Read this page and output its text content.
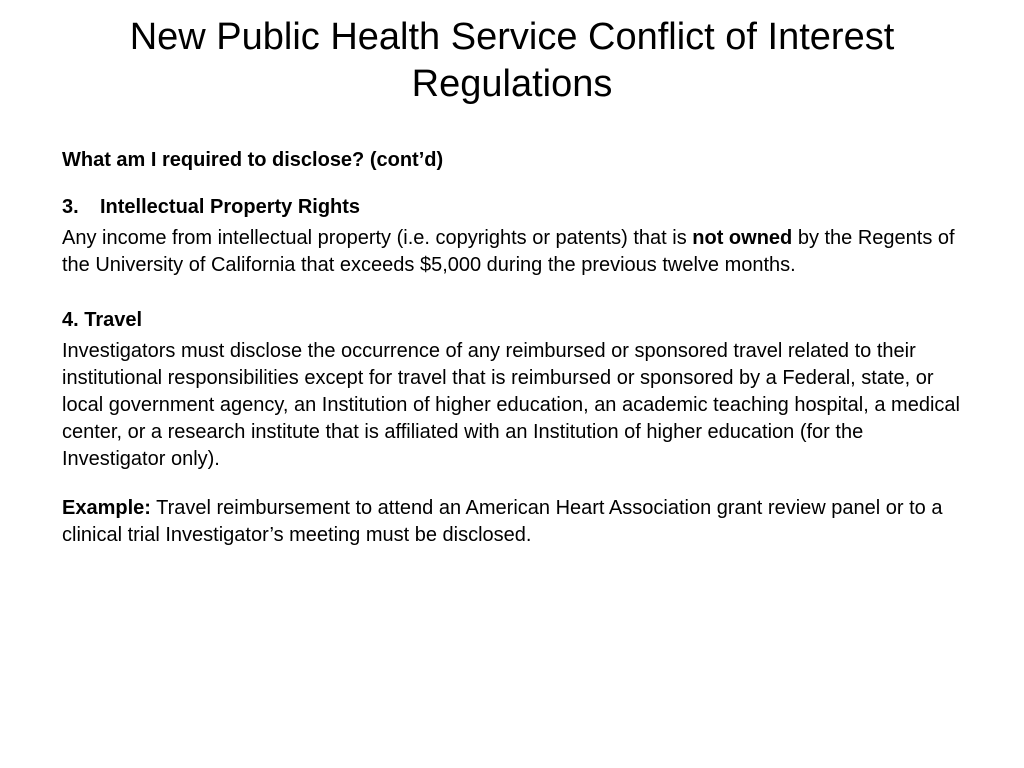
New Public Health Service Conflict of Interest Regulations

What am I required to disclose? (cont’d)

3. Intellectual Property Rights

Any income from intellectual property (i.e. copyrights or patents) that is not owned by the Regents of the University of California that exceeds $5,000 during the previous twelve months.

4. Travel

Investigators must disclose the occurrence of any reimbursed or sponsored travel related to their institutional responsibilities except for travel that is reimbursed or sponsored by a Federal, state, or local government agency, an Institution of higher education, an academic teaching hospital, a medical center, or a research institute that is affiliated with an Institution of higher education (for the Investigator only).

Example: Travel reimbursement to attend an American Heart Association grant review panel or to a clinical trial Investigator’s meeting must be disclosed.
